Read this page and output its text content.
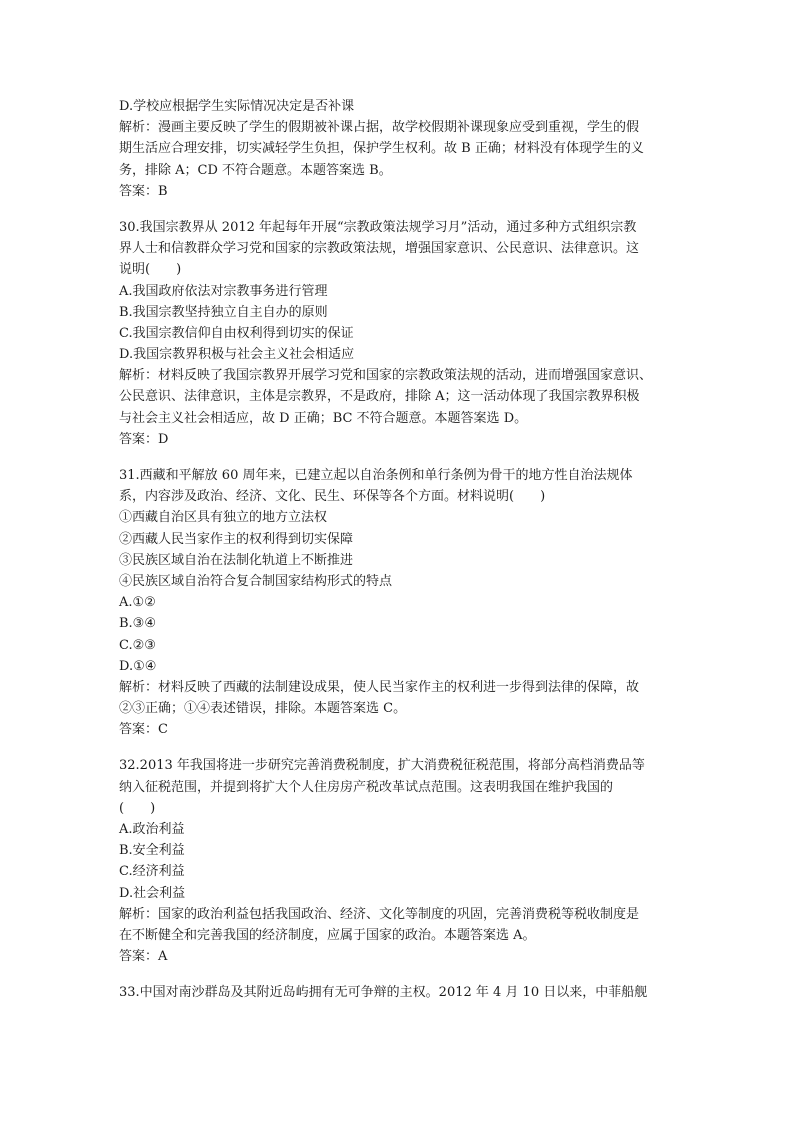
D.学校应根据学生实际情况决定是否补课
解析：漫画主要反映了学生的假期被补课占据，故学校假期补课现象应受到重视，学生的假
期生活应合理安排，切实减轻学生负担，保护学生权利。故 B 正确；材料没有体现学生的义
务，排除 A；CD 不符合题意。本题答案选 B。
答案：B
30.我国宗教界从 2012 年起每年开展“宗教政策法规学习月”活动，通过多种方式组织宗教
界人士和信教群众学习党和国家的宗教政策法规，增强国家意识、公民意识、法律意识。这
说明(　　)
A.我国政府依法对宗教事务进行管理
B.我国宗教坚持独立自主自办的原则
C.我国宗教信仰自由权利得到切实的保证
D.我国宗教界积极与社会主义社会相适应
解析：材料反映了我国宗教界开展学习党和国家的宗教政策法规的活动，进而增强国家意识、
公民意识、法律意识，主体是宗教界，不是政府，排除 A；这一活动体现了我国宗教界积极
与社会主义社会相适应，故 D 正确；BC 不符合题意。本题答案选 D。
答案：D
31.西藏和平解放 60 周年来，已建立起以自治条例和单行条例为骨干的地方性自治法规体
系，内容涉及政治、经济、文化、民生、环保等各个方面。材料说明(　　)
①西藏自治区具有独立的地方立法权
②西藏人民当家作主的权利得到切实保障
③民族区域自治在法制化轨道上不断推进
④民族区域自治符合复合制国家结构形式的特点
A.①②
B.③④
C.②③
D.①④
解析：材料反映了西藏的法制建设成果，使人民当家作主的权利进一步得到法律的保障，故
②③正确；①④表述错误，排除。本题答案选 C。
答案：C
32.2013 年我国将进一步研究完善消费税制度，扩大消费税征税范围，将部分高档消费品等
纳入征税范围，并提到将扩大个人住房房产税改革试点范围。这表明我国在维护我国的
(　　)
A.政治利益
B.安全利益
C.经济利益
D.社会利益
解析：国家的政治利益包括我国政治、经济、文化等制度的巩固，完善消费税等税收制度是
在不断健全和完善我国的经济制度，应属于国家的政治。本题答案选 A。
答案：A
33.中国对南沙群岛及其附近岛屿拥有无可争辩的主权。2012 年 4 月 10 日以来，中菲船舰
